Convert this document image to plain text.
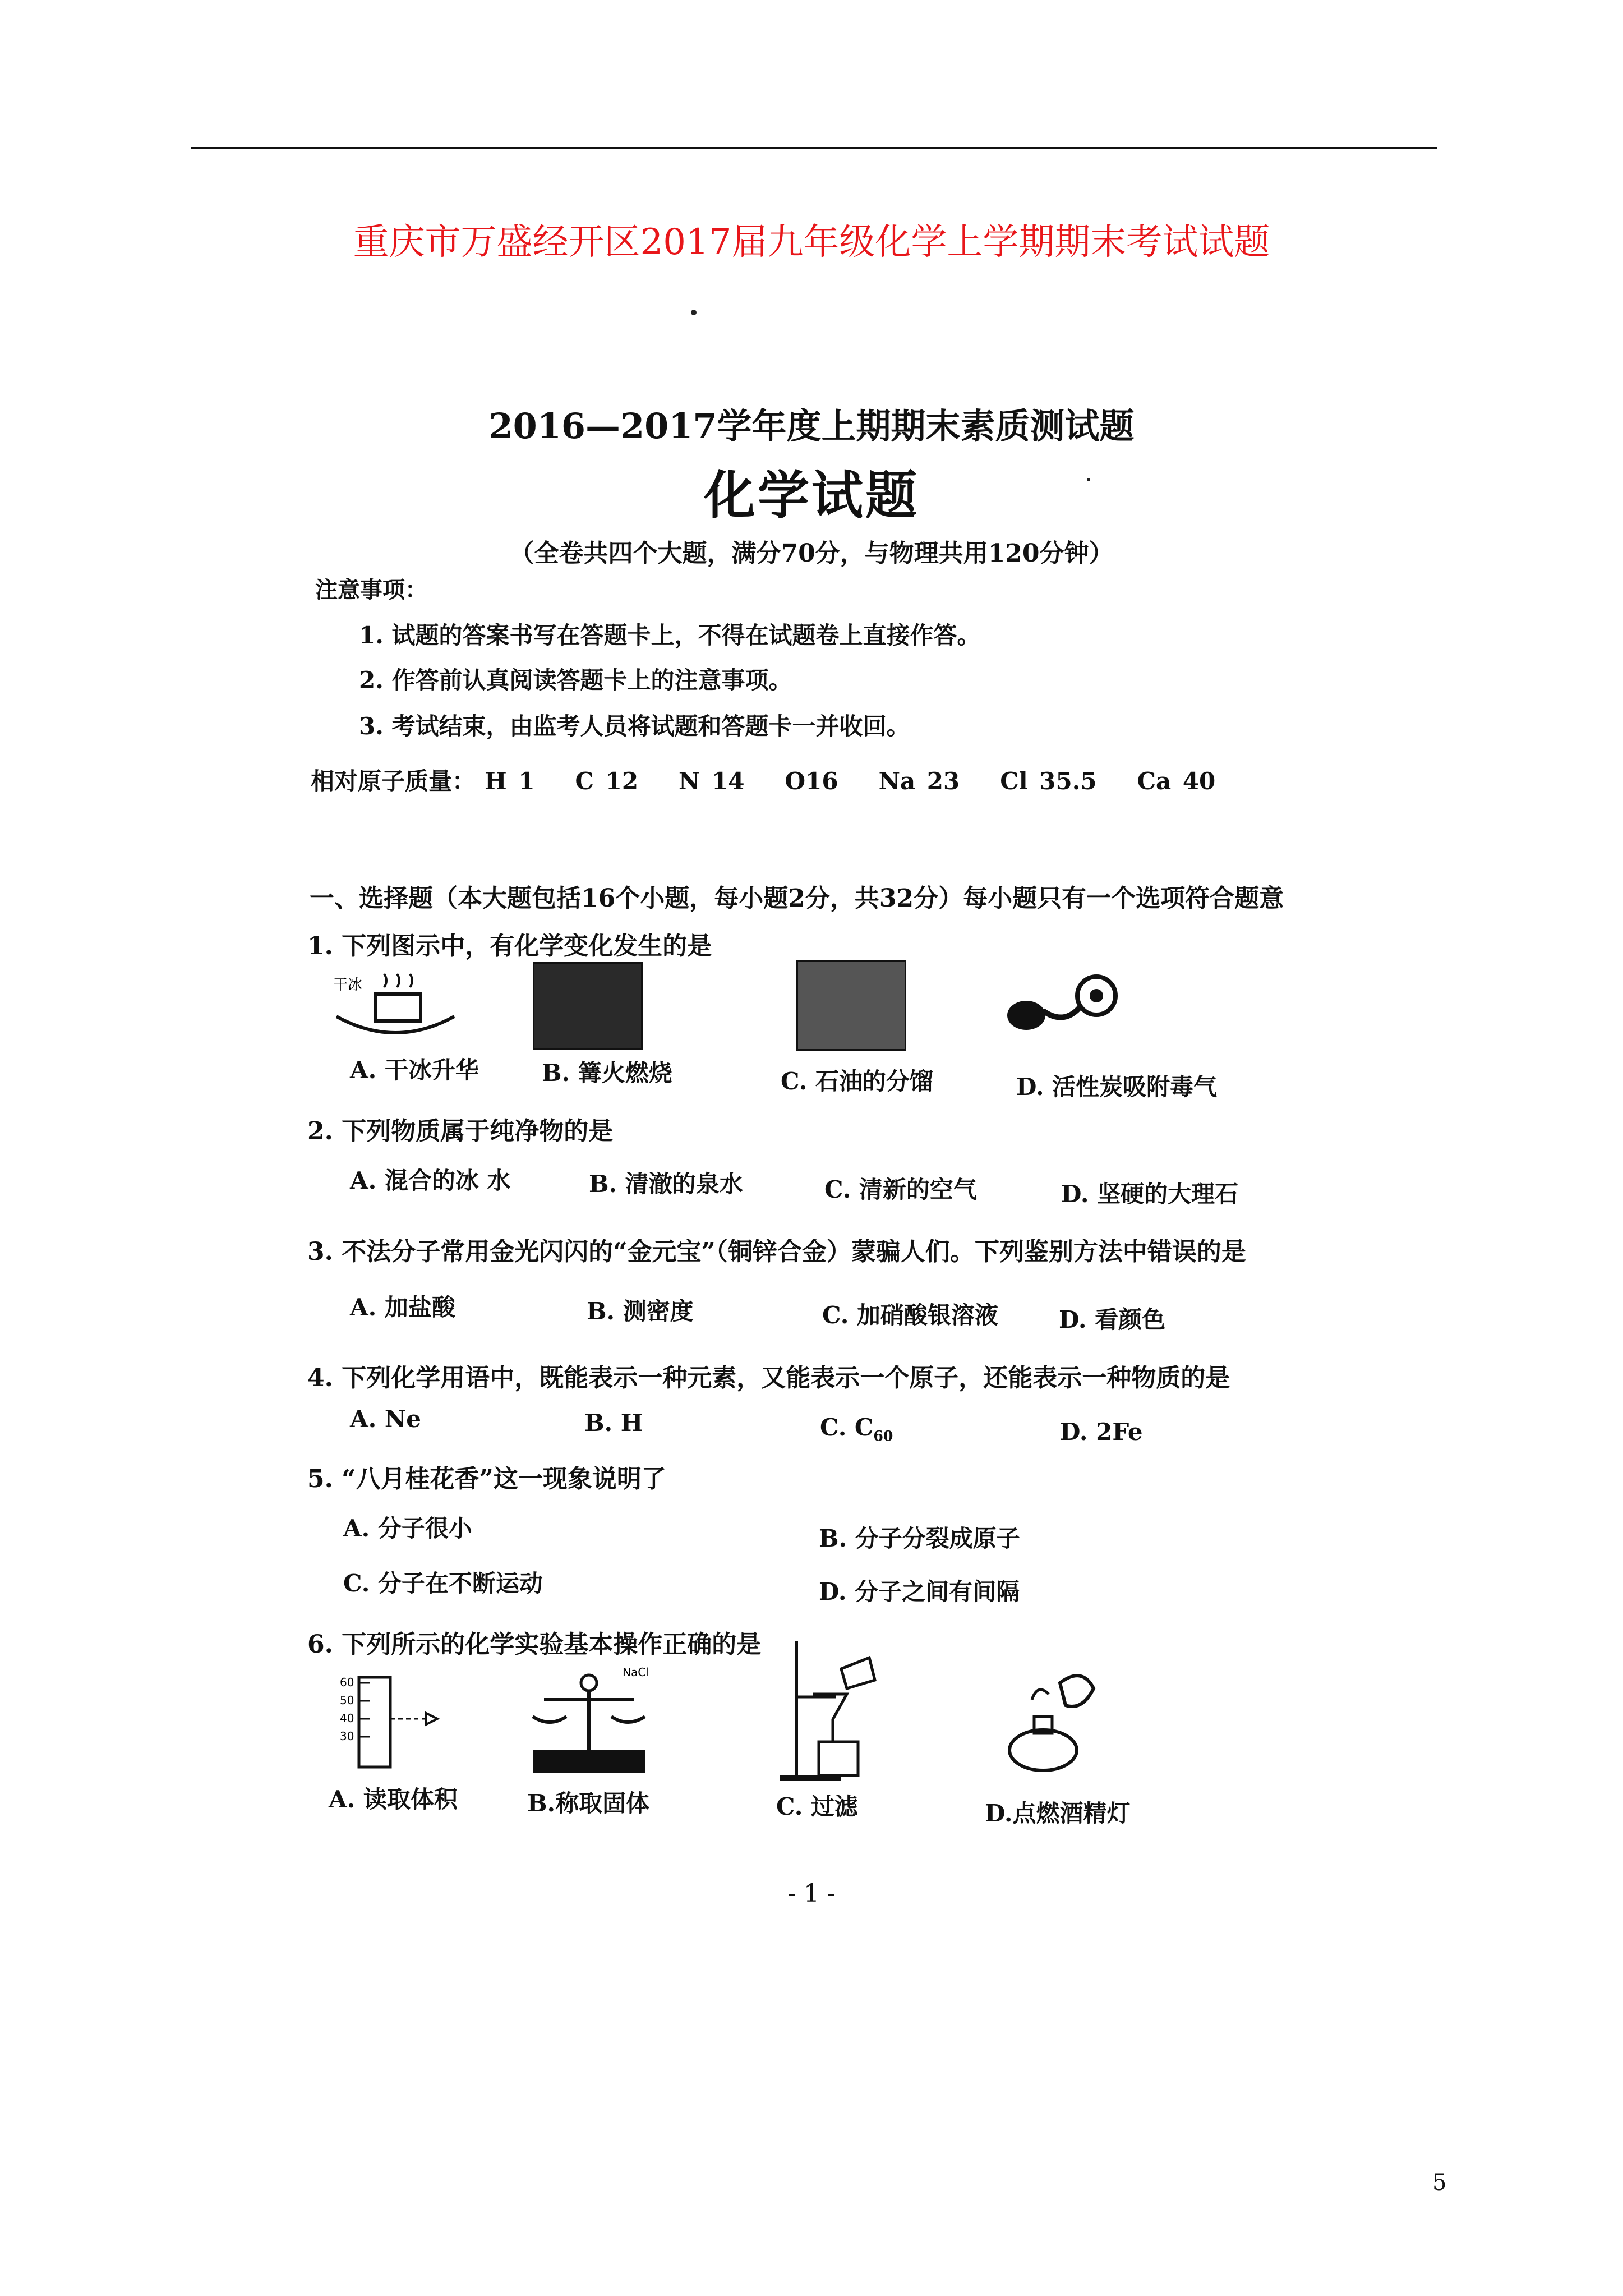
重庆市万盛经开区2017届九年级化学上学期期末考试试题
2016—2017学年度上期期末素质测试题
化学试题
（全卷共四个大题，满分70分，与物理共用120分钟）
注意事项：
1. 试题的答案书写在答题卡上，不得在试题卷上直接作答。
2. 作答前认真阅读答题卡上的注意事项。
3. 考试结束，由监考人员将试题和答题卡一并收回。
相对原子质量： H 1 C 12 N 14 O16 Na 23 Cl 35.5 Ca 40
一、选择题（本大题包括16个小题，每小题2分，共32分）每小题只有一个选项符合题意
1. 下列图示中，有化学变化发生的是
干冰
A. 干冰升华	B. 篝火燃烧	C. 石油的分馏	D. 活性炭吸附毒气
2. 下列物质属于纯净物的是
A. 混合的冰 水	B. 清澈的泉水	C. 清新的空气	D. 坚硬的大理石
3. 不法分子常用金光闪闪的“金元宝”（铜锌合金）蒙骗人们。下列鉴别方法中错误的是
A. 加盐酸	B. 测密度	C. 加硝酸银溶液	D. 看颜色
4. 下列化学用语中，既能表示一种元素，又能表示一个原子，还能表示一种物质的是
A. Ne	B. H	C. $C_{60}$	D. 2Fe
5. “八月桂花香”这一现象说明了
A. 分子很小	B. 分子分裂成原子
C. 分子在不断运动	D. 分子之间有间隔
6. 下列所示的化学实验基本操作正确的是
60
50
40
30
NaCl
A. 读取体积	B.称取固体	C. 过滤	D.点燃酒精灯
- 1 -
5
